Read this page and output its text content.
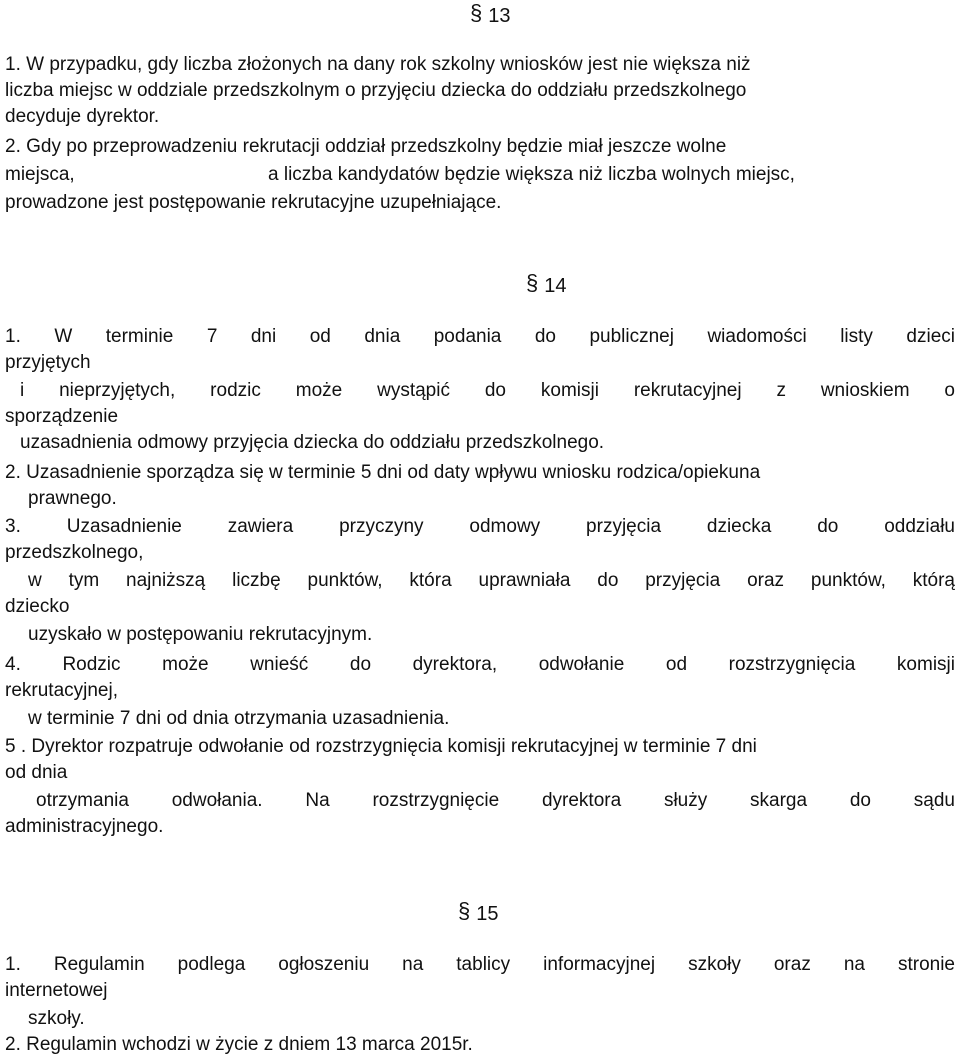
§ 13
1. W przypadku, gdy liczba złożonych na dany rok szkolny wniosków jest nie większa niż
liczba miejsc w oddziale przedszkolnym o przyjęciu dziecka do oddziału przedszkolnego
decyduje dyrektor.
2. Gdy po przeprowadzeniu rekrutacji oddział przedszkolny będzie miał jeszcze wolne
miejsca,	a liczba kandydatów będzie większa niż liczba wolnych miejsc,
prowadzone jest postępowanie rekrutacyjne uzupełniające.
§ 14
1. W terminie 7 dni od dnia podania do publicznej wiadomości listy dzieci
przyjętych
i nieprzyjętych, rodzic może wystąpić do komisji rekrutacyjnej z wnioskiem o
sporządzenie
uzasadnienia odmowy przyjęcia dziecka do oddziału przedszkolnego.
2. Uzasadnienie sporządza się w terminie 5 dni od daty wpływu wniosku rodzica/opiekuna
prawnego.
3. Uzasadnienie zawiera przyczyny odmowy przyjęcia dziecka do oddziału
przedszkolnego,
w tym najniższą liczbę punktów, która uprawniała do przyjęcia oraz punktów, którą
dziecko
uzyskało w postępowaniu rekrutacyjnym.
4. Rodzic może wnieść do dyrektora, odwołanie od rozstrzygnięcia komisji
rekrutacyjnej,
w terminie 7 dni od dnia otrzymania uzasadnienia.
5 . Dyrektor rozpatruje odwołanie od rozstrzygnięcia komisji rekrutacyjnej w terminie 7 dni
od dnia
otrzymania odwołania. Na rozstrzygnięcie dyrektora służy skarga do sądu
administracyjnego.
§ 15
1. Regulamin podlega ogłoszeniu na tablicy informacyjnej szkoły oraz na stronie
internetowej
szkoły.
2. Regulamin wchodzi w życie z dniem 13 marca 2015r.
